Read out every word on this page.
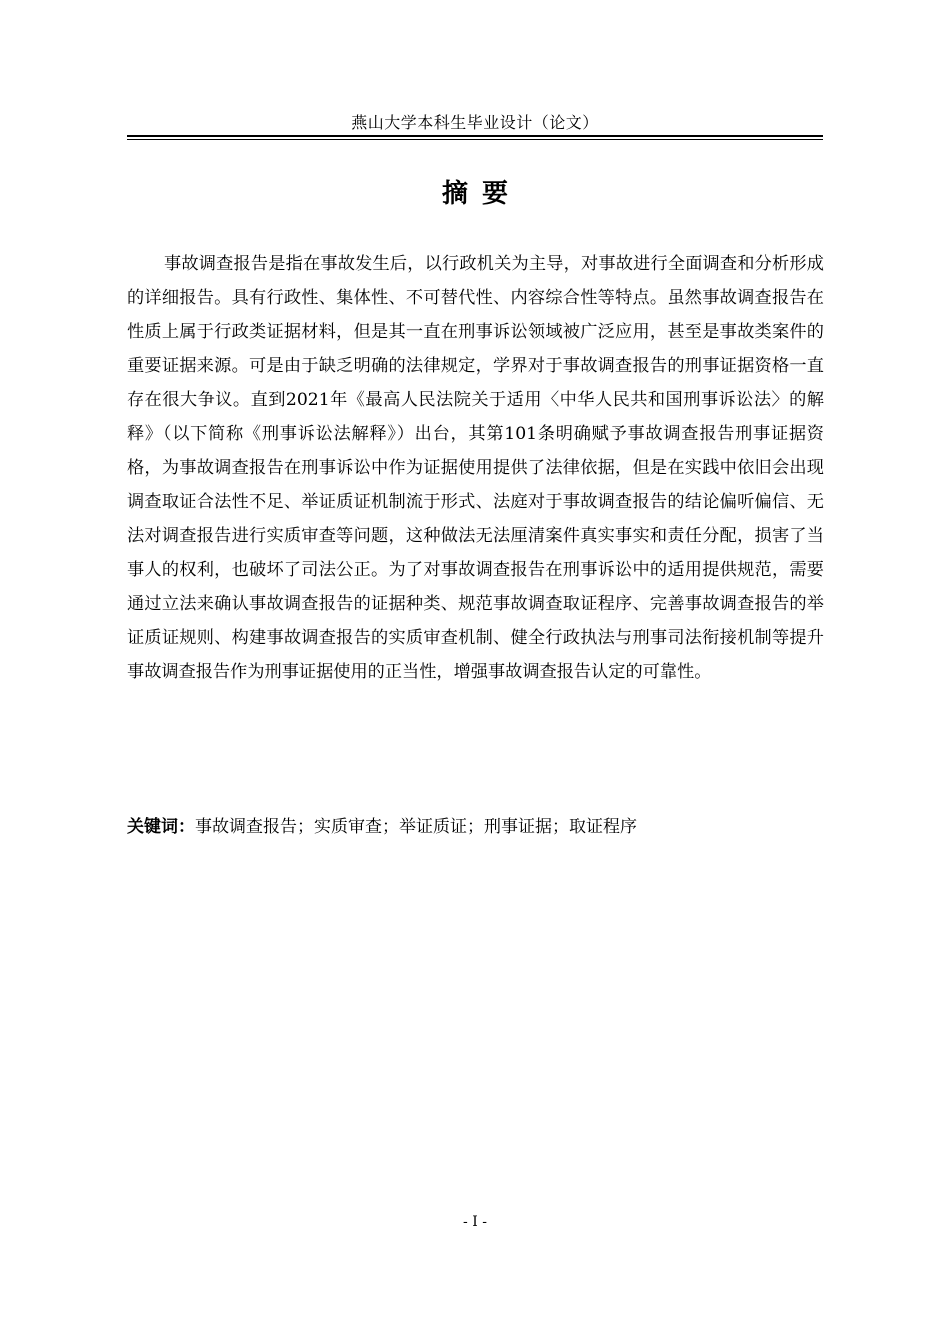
燕山大学本科生毕业设计（论文）
摘要

事故调查报告是指在事故发生后，以行政机关为主导，对事故进行全面调查和分析形成的详细报告。具有行政性、集体性、不可替代性、内容综合性等特点。虽然事故调查报告在性质上属于行政类证据材料，但是其一直在刑事诉讼领域被广泛应用，甚至是事故类案件的重要证据来源。可是由于缺乏明确的法律规定，学界对于事故调查报告的刑事证据资格一直存在很大争议。直到2021年《最高人民法院关于适用〈中华人民共和国刑事诉讼法〉的解释》（以下简称《刑事诉讼法解释》）出台，其第101条明确赋予事故调查报告刑事证据资格，为事故调查报告在刑事诉讼中作为证据使用提供了法律依据，但是在实践中依旧会出现调查取证合法性不足、举证质证机制流于形式、法庭对于事故调查报告的结论偏听偏信、无法对调查报告进行实质审查等问题，这种做法无法厘清案件真实事实和责任分配，损害了当事人的权利，也破坏了司法公正。为了对事故调查报告在刑事诉讼中的适用提供规范，需要通过立法来确认事故调查报告的证据种类、规范事故调查取证程序、完善事故调查报告的举证质证规则、构建事故调查报告的实质审查机制、健全行政执法与刑事司法衔接机制等提升事故调查报告作为刑事证据使用的正当性，增强事故调查报告认定的可靠性。

关键词：事故调查报告；实质审查；举证质证；刑事证据；取证程序
- I -
